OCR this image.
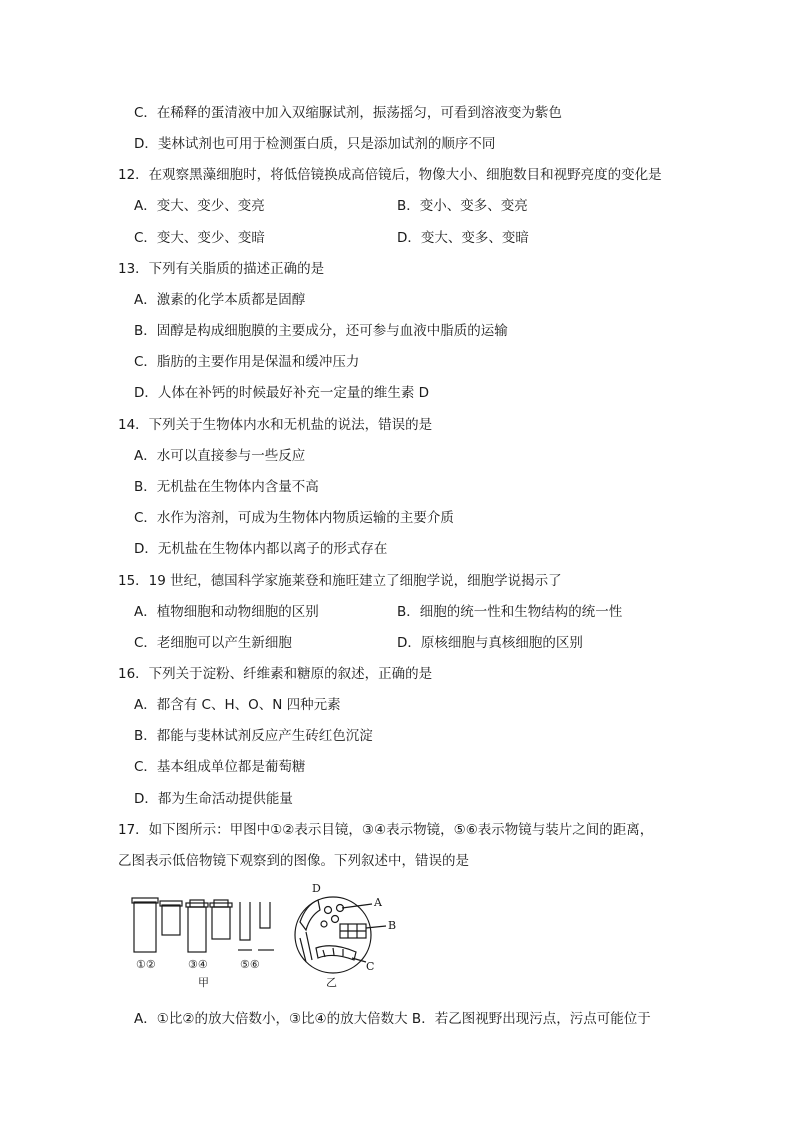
C．在稀释的蛋清液中加入双缩脲试剂，振荡摇匀，可看到溶液变为紫色
D．斐林试剂也可用于检测蛋白质，只是添加试剂的顺序不同
12．在观察黑藻细胞时，将低倍镜换成高倍镜后，物像大小、细胞数目和视野亮度的变化是
A．变大、变少、变亮	B．变小、变多、变亮
C．变大、变少、变暗	D．变大、变多、变暗
13．下列有关脂质的描述正确的是
A．激素的化学本质都是固醇
B．固醇是构成细胞膜的主要成分，还可参与血液中脂质的运输
C．脂肪的主要作用是保温和缓冲压力
D．人体在补钙的时候最好补充一定量的维生素 D
14．下列关于生物体内水和无机盐的说法，错误的是
A．水可以直接参与一些反应
B．无机盐在生物体内含量不高
C．水作为溶剂，可成为生物体内物质运输的主要介质
D．无机盐在生物体内都以离子的形式存在
15．19 世纪，德国科学家施莱登和施旺建立了细胞学说，细胞学说揭示了
A．植物细胞和动物细胞的区别	B．细胞的统一性和生物结构的统一性
C．老细胞可以产生新细胞	D．原核细胞与真核细胞的区别
16．下列关于淀粉、纤维素和糖原的叙述，正确的是
A．都含有 C、H、O、N 四种元素
B．都能与斐林试剂反应产生砖红色沉淀
C．基本组成单位都是葡萄糖
D．都为生命活动提供能量
17．如下图所示：甲图中①②表示目镜，③④表示物镜，⑤⑥表示物镜与装片之间的距离，
乙图表示低倍物镜下观察到的图像。下列叙述中，错误的是
①②	③④	⑤⑥
甲	乙
D
A
B
C
A．①比②的放大倍数小，③比④的放大倍数大 B．若乙图视野出现污点，污点可能位于
